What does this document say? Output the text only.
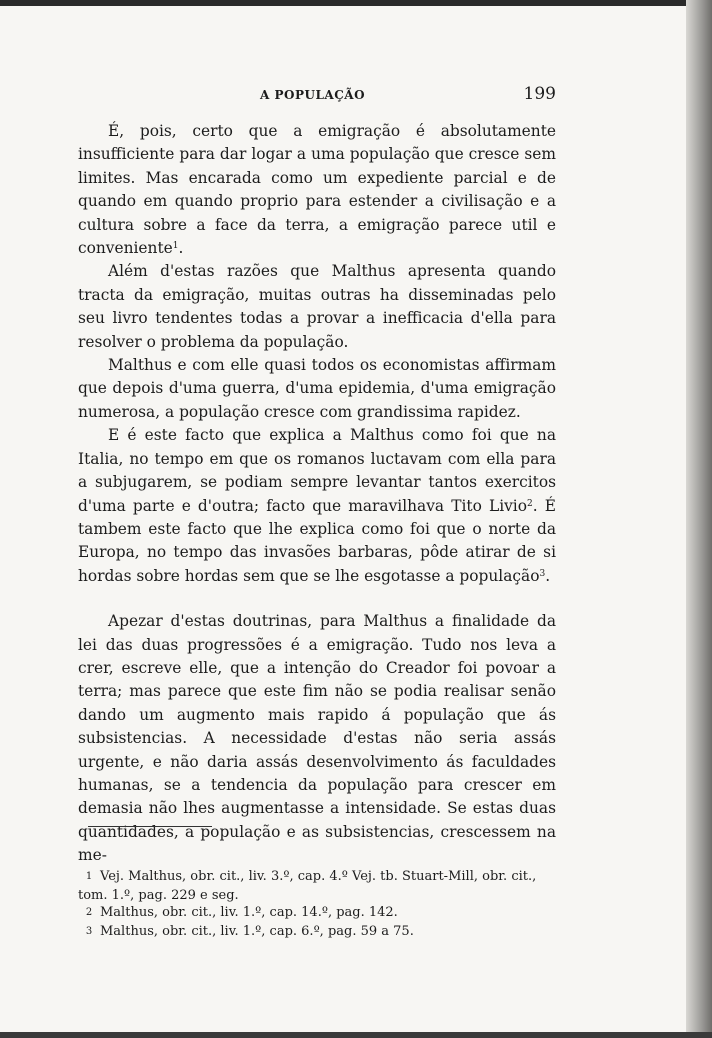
A POPULAÇÃO	199

É, pois, certo que a emigração é absolutamente insufficiente para dar logar a uma população que cresce sem limites. Mas encarada como um expediente parcial e de quando em quando proprio para estender a civilisação e a cultura sobre a face da terra, a emigração parece util e conveniente$^1$.

Além d'estas razões que Malthus apresenta quando tracta da emigração, muitas outras ha disseminadas pelo seu livro tendentes todas a provar a inefficacia d'ella para resolver o problema da população.

Malthus e com elle quasi todos os economistas affirmam que depois d'uma guerra, d'uma epidemia, d'uma emigração numerosa, a população cresce com grandissima rapidez.

E é este facto que explica a Malthus como foi que na Italia, no tempo em que os romanos luctavam com ella para a subjugarem, se podiam sempre levantar tantos exercitos d'uma parte e d'outra; facto que maravilhava Tito Livio$^2$. É tambem este facto que lhe explica como foi que o norte da Europa, no tempo das invasões barbaras, pôde atirar de si hordas sobre hordas sem que se lhe esgotasse a população$^3$.

Apezar d'estas doutrinas, para Malthus a finalidade da lei das duas progressões é a emigração. Tudo nos leva a crer, escreve elle, que a intenção do Creador foi povoar a terra; mas parece que este fim não se podia realisar senão dando um augmento mais rapido á população que ás subsistencias. A necessidade d'estas não seria assás urgente, e não daria assás desenvolvimento ás faculdades humanas, se a tendencia da população para crescer em demasia não lhes augmentasse a intensidade. Se estas duas quantidades, a população e as subsistencias, crescessem na me-

1 Vej. Malthus, obr. cit., liv. 3.º, cap. 4.º Vej. tb. Stuart-Mill, obr. cit., tom. 1.º, pag. 229 e seg.
2 Malthus, obr. cit., liv. 1.º, cap. 14.º, pag. 142.
3 Malthus, obr. cit., liv. 1.º, cap. 6.º, pag. 59 a 75.
